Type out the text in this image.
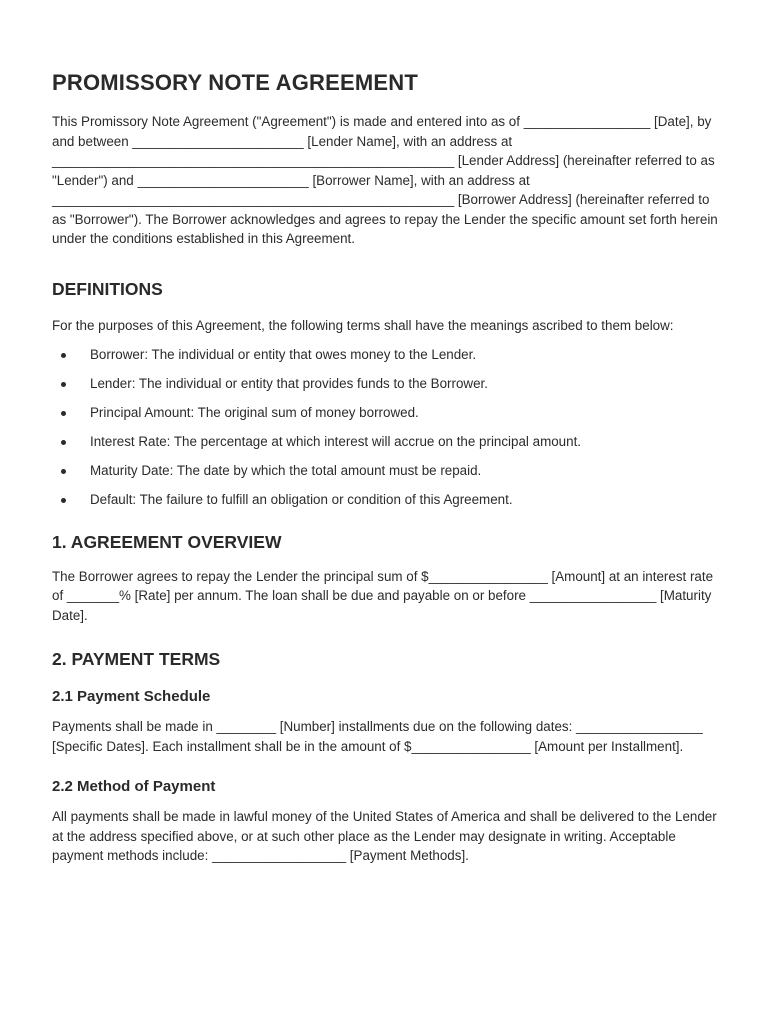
PROMISSORY NOTE AGREEMENT

This Promissory Note Agreement ("Agreement") is made and entered into as of _________________ [Date], by and between _______________________ [Lender Name], with an address at ______________________________________________________ [Lender Address] (hereinafter referred to as "Lender") and _______________________ [Borrower Name], with an address at ______________________________________________________ [Borrower Address] (hereinafter referred to as "Borrower"). The Borrower acknowledges and agrees to repay the Lender the specific amount set forth herein under the conditions established in this Agreement.

DEFINITIONS

For the purposes of this Agreement, the following terms shall have the meanings ascribed to them below:

Borrower: The individual or entity that owes money to the Lender.
Lender: The individual or entity that provides funds to the Borrower.
Principal Amount: The original sum of money borrowed.
Interest Rate: The percentage at which interest will accrue on the principal amount.
Maturity Date: The date by which the total amount must be repaid.
Default: The failure to fulfill an obligation or condition of this Agreement.
1. AGREEMENT OVERVIEW

The Borrower agrees to repay the Lender the principal sum of $________________ [Amount] at an interest rate of _______% [Rate] per annum. The loan shall be due and payable on or before _________________ [Maturity Date].

2. PAYMENT TERMS
2.1 Payment Schedule

Payments shall be made in ________ [Number] installments due on the following dates: _________________ [Specific Dates]. Each installment shall be in the amount of $________________ [Amount per Installment].

2.2 Method of Payment

All payments shall be made in lawful money of the United States of America and shall be delivered to the Lender at the address specified above, or at such other place as the Lender may designate in writing. Acceptable payment methods include: __________________ [Payment Methods].
